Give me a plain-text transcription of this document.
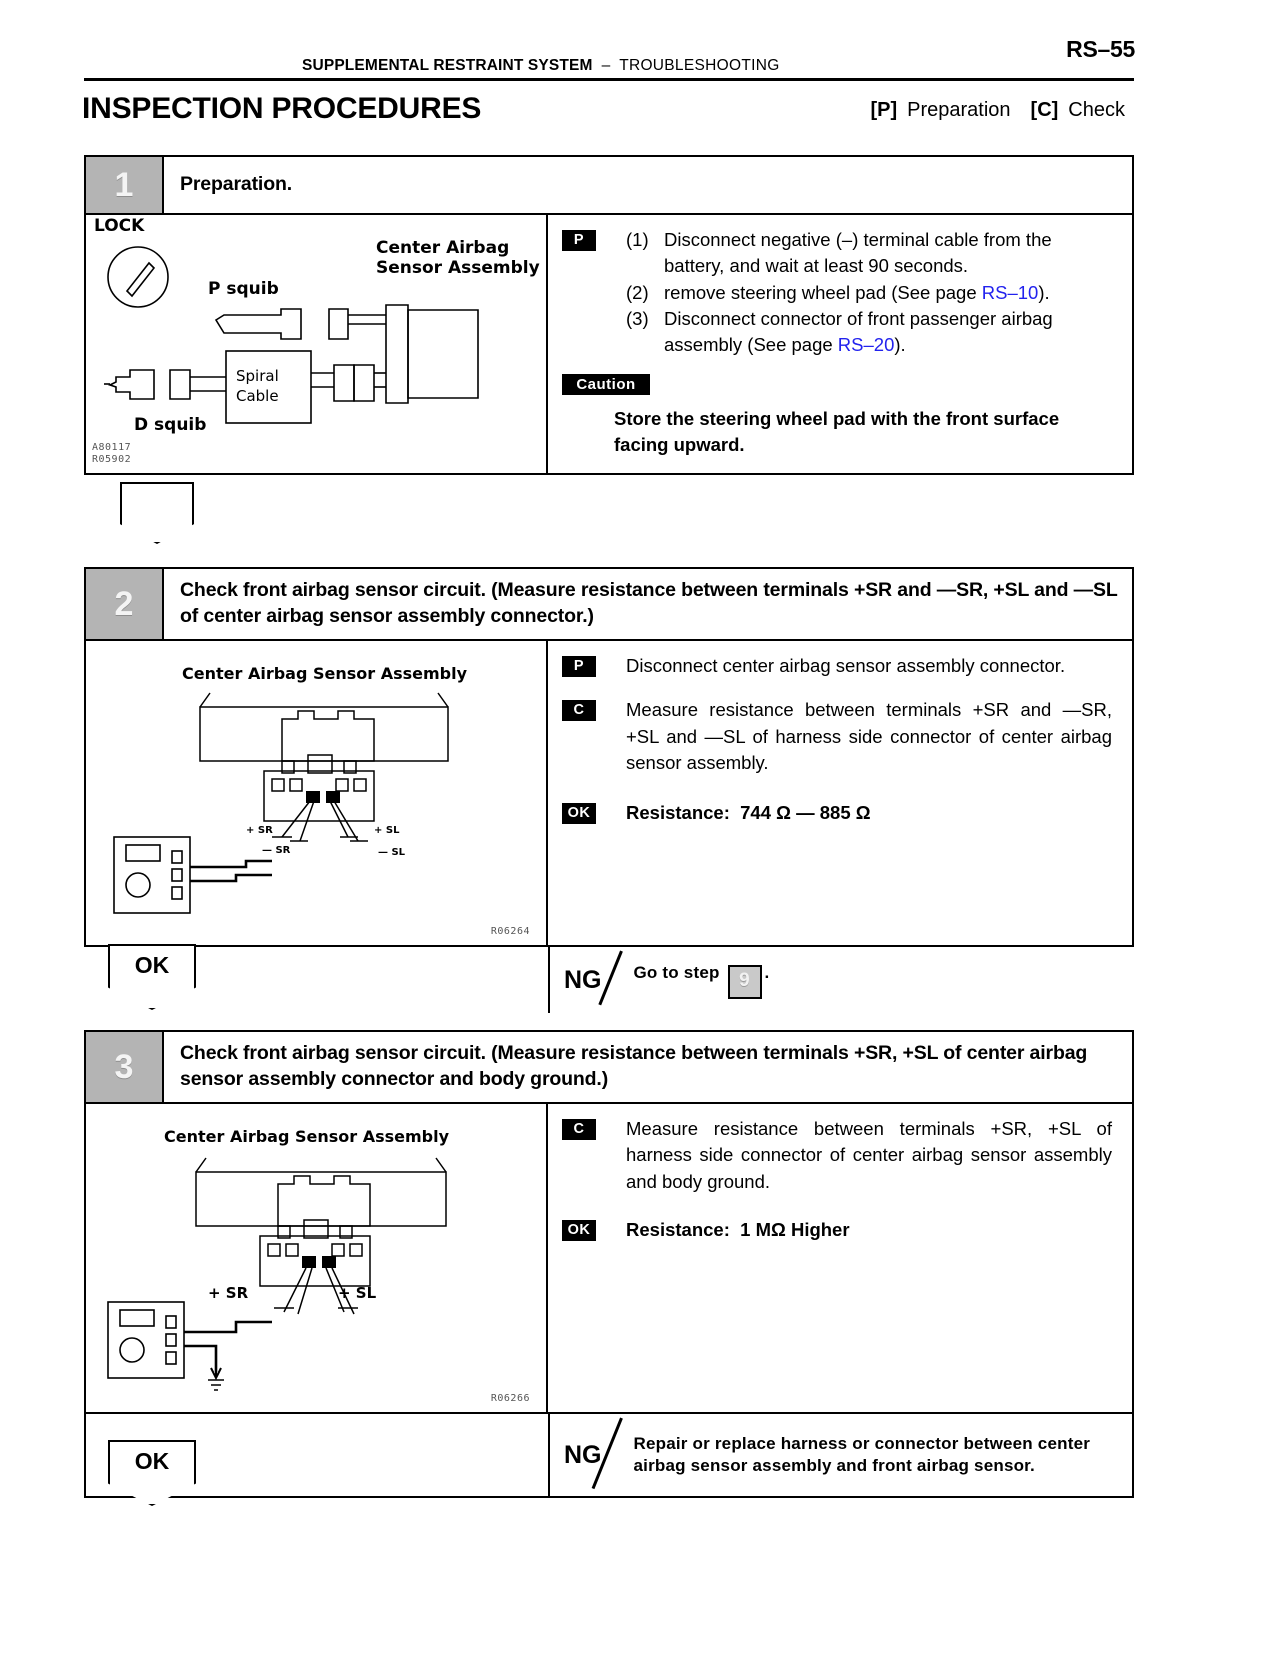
RS–55
SUPPLEMENTAL RESTRAINT SYSTEM – TROUBLESHOOTING
INSPECTION PROCEDURES	[P] Preparation [C] Check
1	Preparation.
LOCK
P squib
D squib
Center Airbag
Sensor Assembly
Spiral
Cable
A80117
R05902
P	(1) Disconnect negative (–) terminal cable from the battery, and wait at least 90 seconds.
(2) remove steering wheel pad (See page RS–10).
(3) Disconnect connector of front passenger airbag assembly (See page RS–20).
Caution
Store the steering wheel pad with the front surface facing upward.
2	Check front airbag sensor circuit. (Measure resistance between terminals +SR and —SR, +SL and —SL of center airbag sensor assembly connector.)
Center Airbag Sensor Assembly
+ SR
— SR
+ SL
— SL
R06264
P	Disconnect center airbag sensor assembly connector.
C	Measure resistance between terminals +SR and —SR, +SL and —SL of harness side connector of center airbag sensor assembly.
OK	Resistance: 744 Ω — 885 Ω
NG Go to step 9 .
OK
3	Check front airbag sensor circuit. (Measure resistance between terminals +SR, +SL of center airbag sensor assembly connector and body ground.)
Center Airbag Sensor Assembly
+ SR	+ SL
R06266
C	Measure resistance between terminals +SR, +SL of harness side connector of center airbag sensor assembly and body ground.
OK	Resistance: 1 MΩ Higher
NG Repair or replace harness or connector between center airbag sensor assembly and front airbag sensor.
OK
